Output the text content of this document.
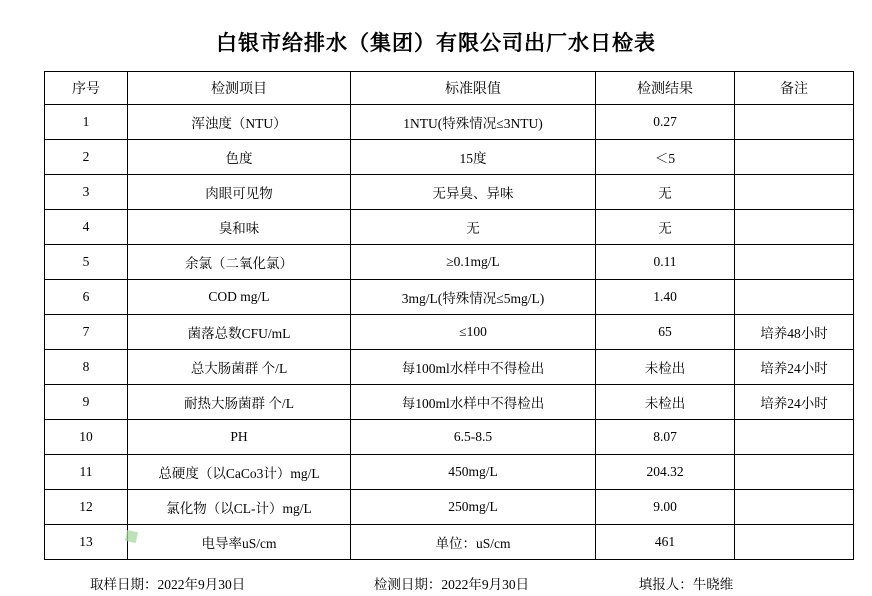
白银市给排水（集团）有限公司出厂水日检表
序号	检测项目	标准限值	检测结果	备注
1	浑浊度（NTU）	1NTU(特殊情况≤3NTU)	0.27	
2	色度	15度	＜5	
3	肉眼可见物	无异臭、异味	无	
4	臭和味	无	无	
5	余氯（二氧化氯）	≥0.1mg/L	0.11	
6	COD mg/L	3mg/L(特殊情况≤5mg/L)	1.40	
7	菌落总数CFU/mL	≤100	65	培养48小时
8	总大肠菌群 个/L	每100ml水样中不得检出	未检出	培养24小时
9	耐热大肠菌群 个/L	每100ml水样中不得检出	未检出	培养24小时
10	PH	6.5-8.5	8.07	
11	总硬度（以CaCo3计）mg/L	450mg/L	204.32	
12	氯化物（以CL-计）mg/L	250mg/L	9.00	
13	电导率uS/cm	单位：uS/cm	461	
取样日期：2022年9月30日	检测日期：2022年9月30日	填报人：牛晓维
